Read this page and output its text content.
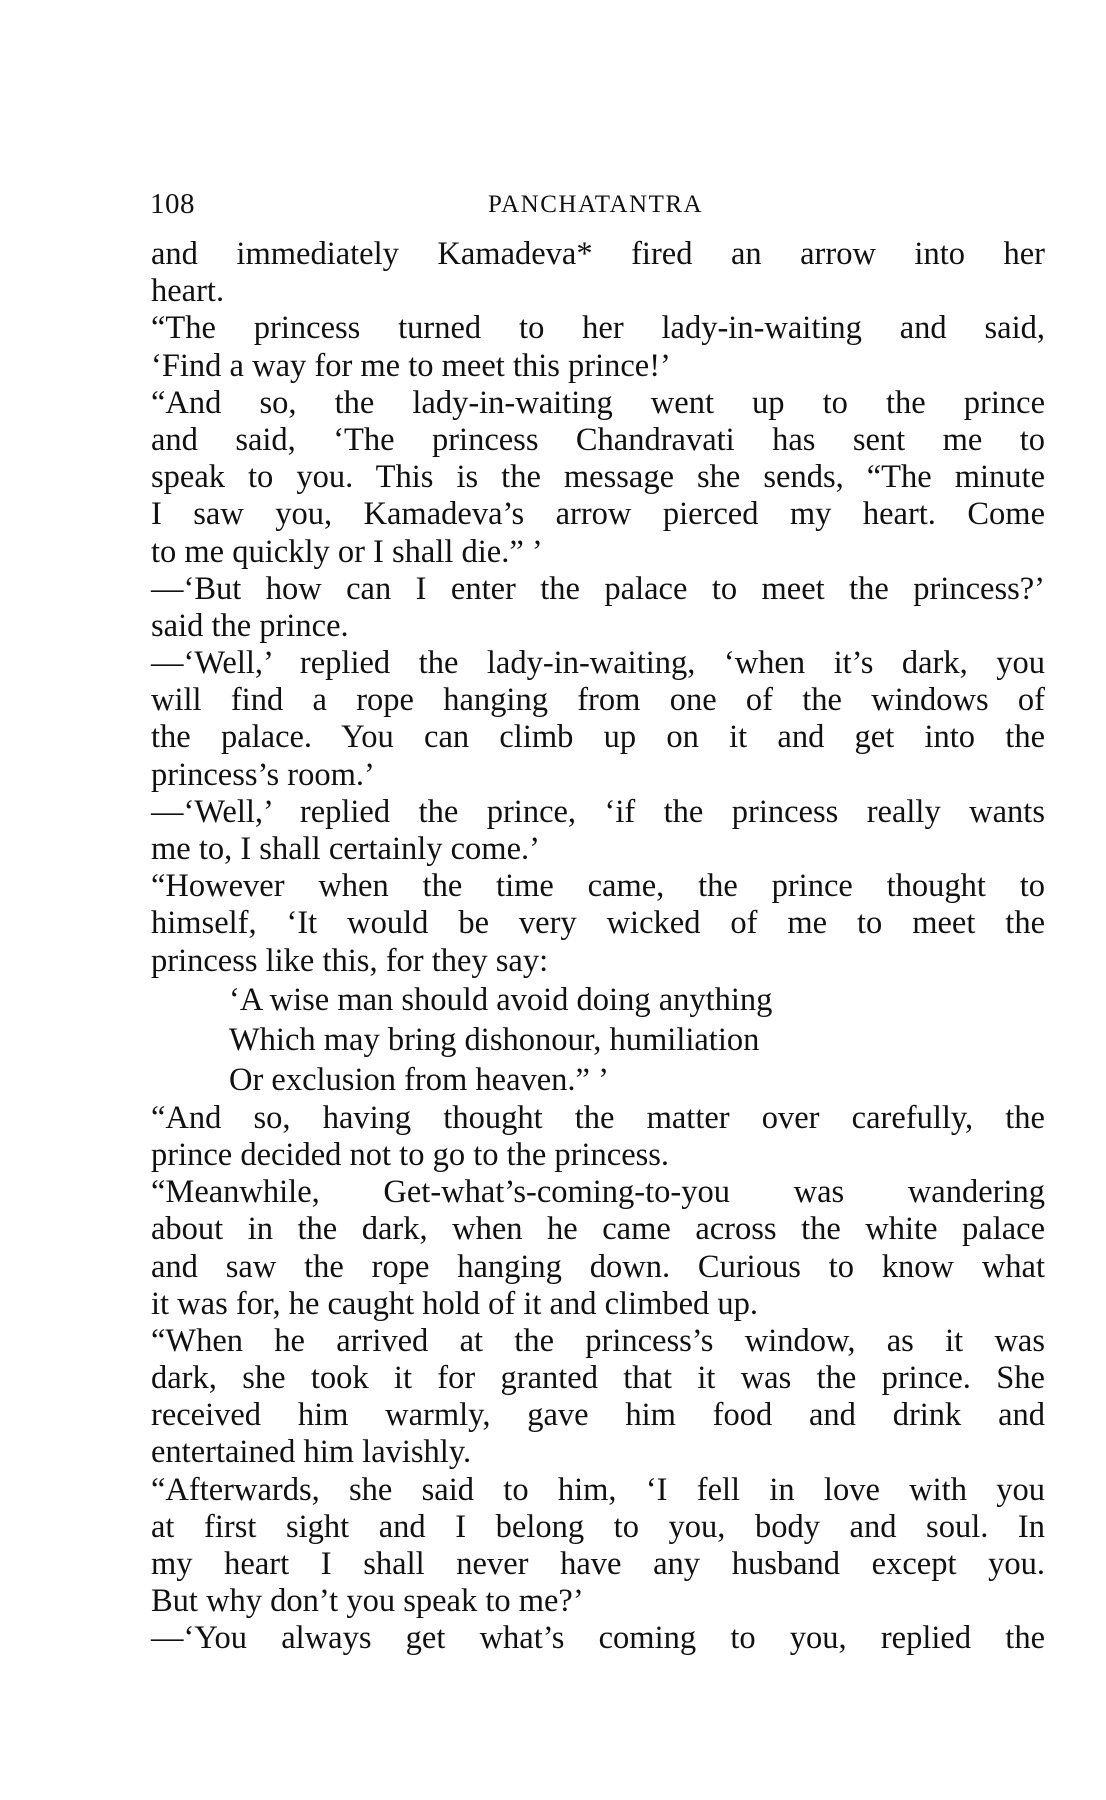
108	PANCHATANTRA
and immediately Kamadeva* fired an arrow into her
heart.
“The princess turned to her lady-in-waiting and said,
‘Find a way for me to meet this prince!’
“And so, the lady-in-waiting went up to the prince
and said, ‘The princess Chandravati has sent me to
speak to you. This is the message she sends, “The minute
I saw you, Kamadeva’s arrow pierced my heart. Come
to me quickly or I shall die.” ’
—‘But how can I enter the palace to meet the princess?’
said the prince.
—‘Well,’ replied the lady-in-waiting, ‘when it’s dark, you
will find a rope hanging from one of the windows of
the palace. You can climb up on it and get into the
princess’s room.’
—‘Well,’ replied the prince, ‘if the princess really wants
me to, I shall certainly come.’
“However when the time came, the prince thought to
himself, ‘It would be very wicked of me to meet the
princess like this, for they say:
‘A wise man should avoid doing anything
Which may bring dishonour, humiliation
Or exclusion from heaven.” ’
“And so, having thought the matter over carefully, the
prince decided not to go to the princess.
“Meanwhile, Get-what’s-coming-to-you was wandering
about in the dark, when he came across the white palace
and saw the rope hanging down. Curious to know what
it was for, he caught hold of it and climbed up.
“When he arrived at the princess’s window, as it was
dark, she took it for granted that it was the prince. She
received him warmly, gave him food and drink and
entertained him lavishly.
“Afterwards, she said to him, ‘I fell in love with you
at first sight and I belong to you, body and soul. In
my heart I shall never have any husband except you.
But why don’t you speak to me?’
—‘You always get what’s coming to you, replied the
